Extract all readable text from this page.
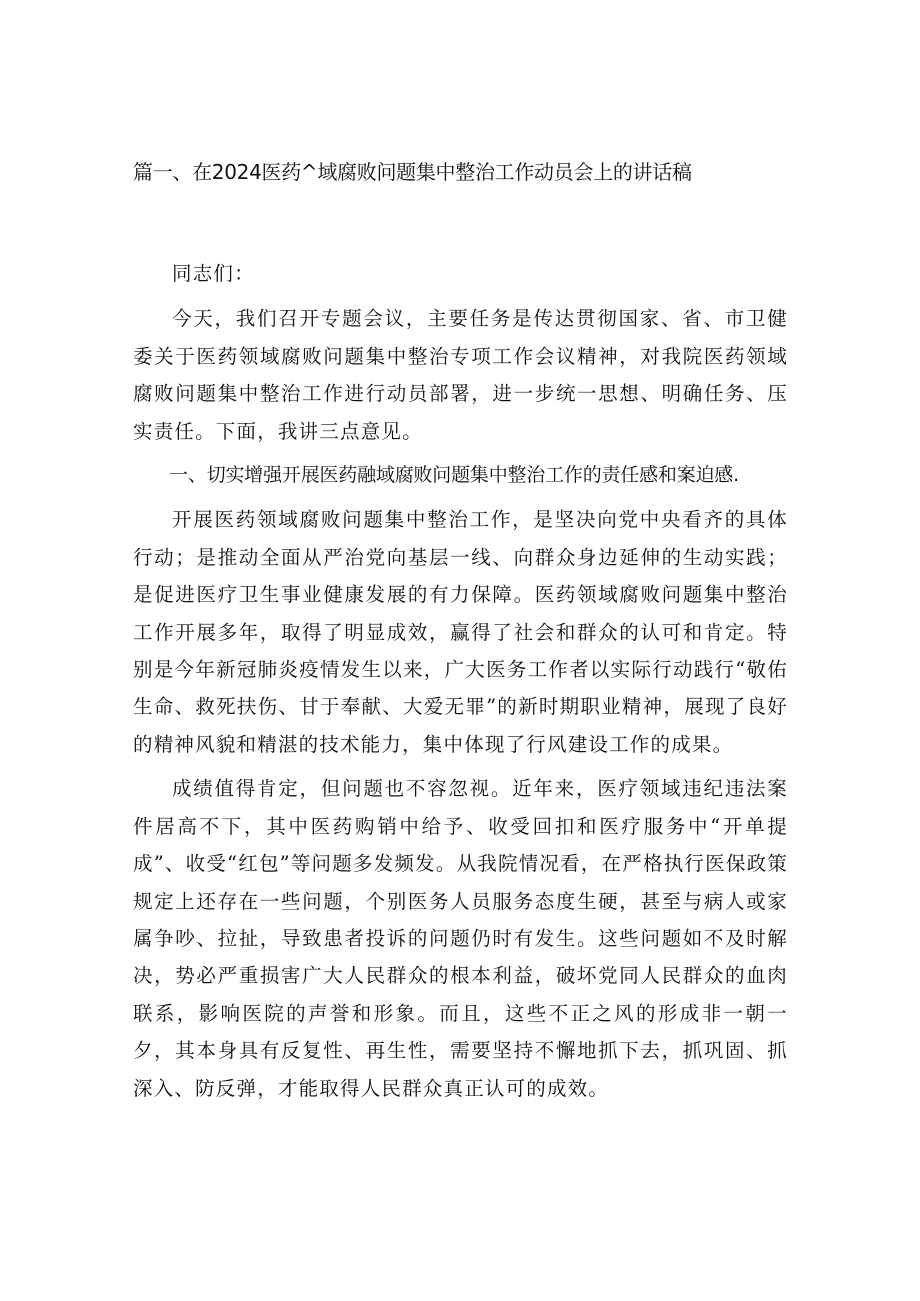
篇一、在2024医药^域腐败问题集中整治工作动员会上的讲话稿

同志们：

今天，我们召开专题会议，主要任务是传达贯彻国家、省、市卫健委关于医药领域腐败问题集中整治专项工作会议精神，对我院医药领域腐败问题集中整治工作进行动员部署，进一步统一思想、明确任务、压实责任。下面，我讲三点意见。

一、切实增强开展医药融域腐败问题集中整治工作的责任感和案迫感.

开展医药领域腐败问题集中整治工作，是坚决向党中央看齐的具体行动；是推动全面从严治党向基层一线、向群众身边延伸的生动实践；是促进医疗卫生事业健康发展的有力保障。医药领域腐败问题集中整治工作开展多年，取得了明显成效，赢得了社会和群众的认可和肯定。特别是今年新冠肺炎疫情发生以来，广大医务工作者以实际行动践行“敬佑生命、救死扶伤、甘于奉献、大爱无罪”的新时期职业精神，展现了良好的精神风貌和精湛的技术能力，集中体现了行风建设工作的成果。

成绩值得肯定，但问题也不容忽视。近年来，医疗领域违纪违法案件居高不下，其中医药购销中给予、收受回扣和医疗服务中“开单提成”、收受“红包”等问题多发频发。从我院情况看，在严格执行医保政策规定上还存在一些问题，个别医务人员服务态度生硬，甚至与病人或家属争吵、拉扯，导致患者投诉的问题仍时有发生。这些问题如不及时解决，势必严重损害广大人民群众的根本利益，破坏党同人民群众的血肉联系，影响医院的声誉和形象。而且，这些不正之风的形成非一朝一夕，其本身具有反复性、再生性，需要坚持不懈地抓下去，抓巩固、抓深入、防反弹，才能取得人民群众真正认可的成效。
